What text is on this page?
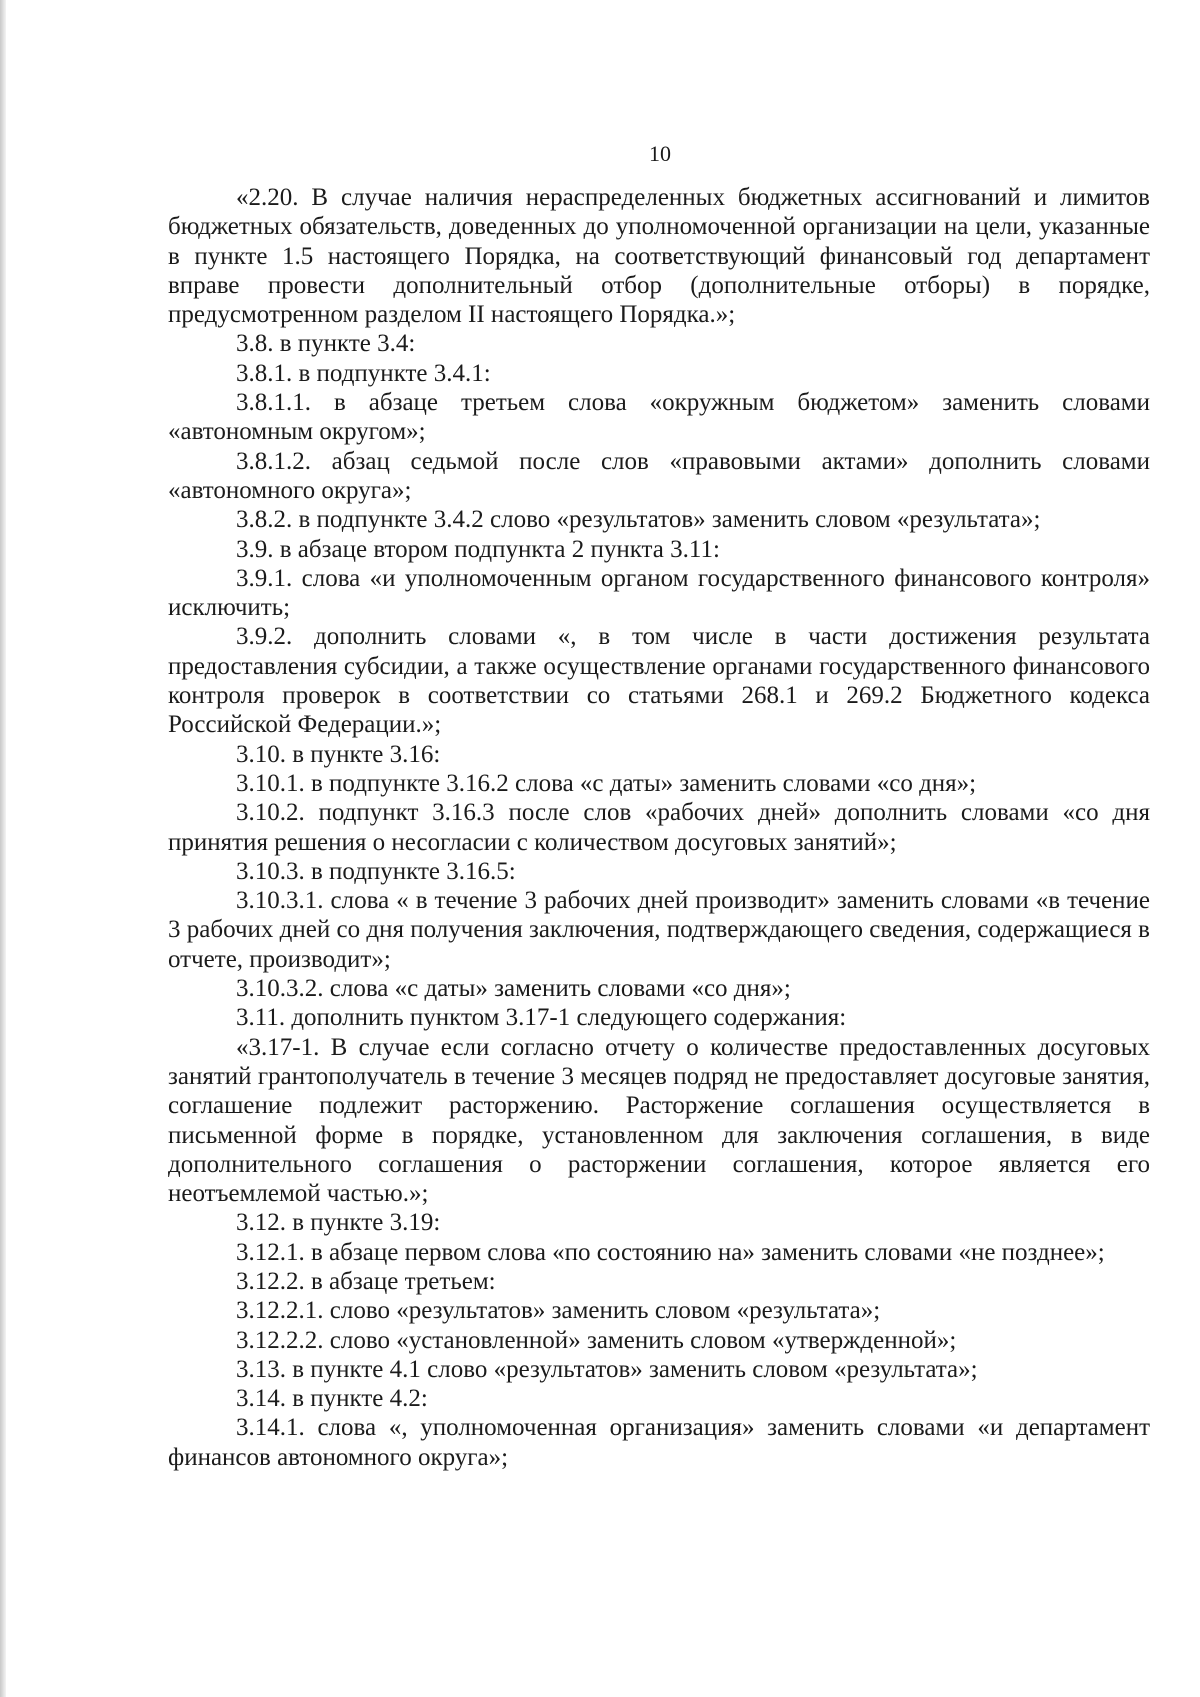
10

«2.20. В случае наличия нераспределенных бюджетных ассигнований и лимитов бюджетных обязательств, доведенных до уполномоченной организации на цели, указанные в пункте 1.5 настоящего Порядка, на соответствующий финансовый год департамент вправе провести дополнительный отбор (дополнительные отборы) в порядке, предусмотренном разделом II настоящего Порядка.»;

3.8. в пункте 3.4:

3.8.1. в подпункте 3.4.1:

3.8.1.1. в абзаце третьем слова «окружным бюджетом» заменить словами «автономным округом»;

3.8.1.2. абзац седьмой после слов «правовыми актами» дополнить словами «автономного округа»;

3.8.2. в подпункте 3.4.2 слово «результатов» заменить словом «результата»;

3.9. в абзаце втором подпункта 2 пункта 3.11:

3.9.1. слова «и уполномоченным органом государственного финансового контроля» исключить;

3.9.2. дополнить словами «, в том числе в части достижения результата предоставления субсидии, а также осуществление органами государственного финансового контроля проверок в соответствии со статьями 268.1 и 269.2 Бюджетного кодекса Российской Федерации.»;

3.10. в пункте 3.16:

3.10.1. в подпункте 3.16.2 слова «с даты» заменить словами «со дня»;

3.10.2. подпункт 3.16.3 после слов «рабочих дней» дополнить словами «со дня принятия решения о несогласии с количеством досуговых занятий»;

3.10.3. в подпункте 3.16.5:

3.10.3.1. слова « в течение 3 рабочих дней производит» заменить словами «в течение 3 рабочих дней со дня получения заключения, подтверждающего сведения, содержащиеся в отчете, производит»;

3.10.3.2. слова «с даты» заменить словами «со дня»;

3.11. дополнить пунктом 3.17-1 следующего содержания:

«3.17-1. В случае если согласно отчету о количестве предоставленных досуговых занятий грантополучатель в течение 3 месяцев подряд не предоставляет досуговые занятия, соглашение подлежит расторжению. Расторжение соглашения осуществляется в письменной форме в порядке, установленном для заключения соглашения, в виде дополнительного соглашения о расторжении соглашения, которое является его неотъемлемой частью.»;

3.12. в пункте 3.19:

3.12.1. в абзаце первом слова «по состоянию на» заменить словами «не позднее»;

3.12.2. в абзаце третьем:

3.12.2.1. слово «результатов» заменить словом «результата»;

3.12.2.2. слово «установленной» заменить словом «утвержденной»;

3.13. в пункте 4.1 слово «результатов» заменить словом «результата»;

3.14. в пункте 4.2:

3.14.1. слова «, уполномоченная организация» заменить словами «и департамент финансов автономного округа»;
